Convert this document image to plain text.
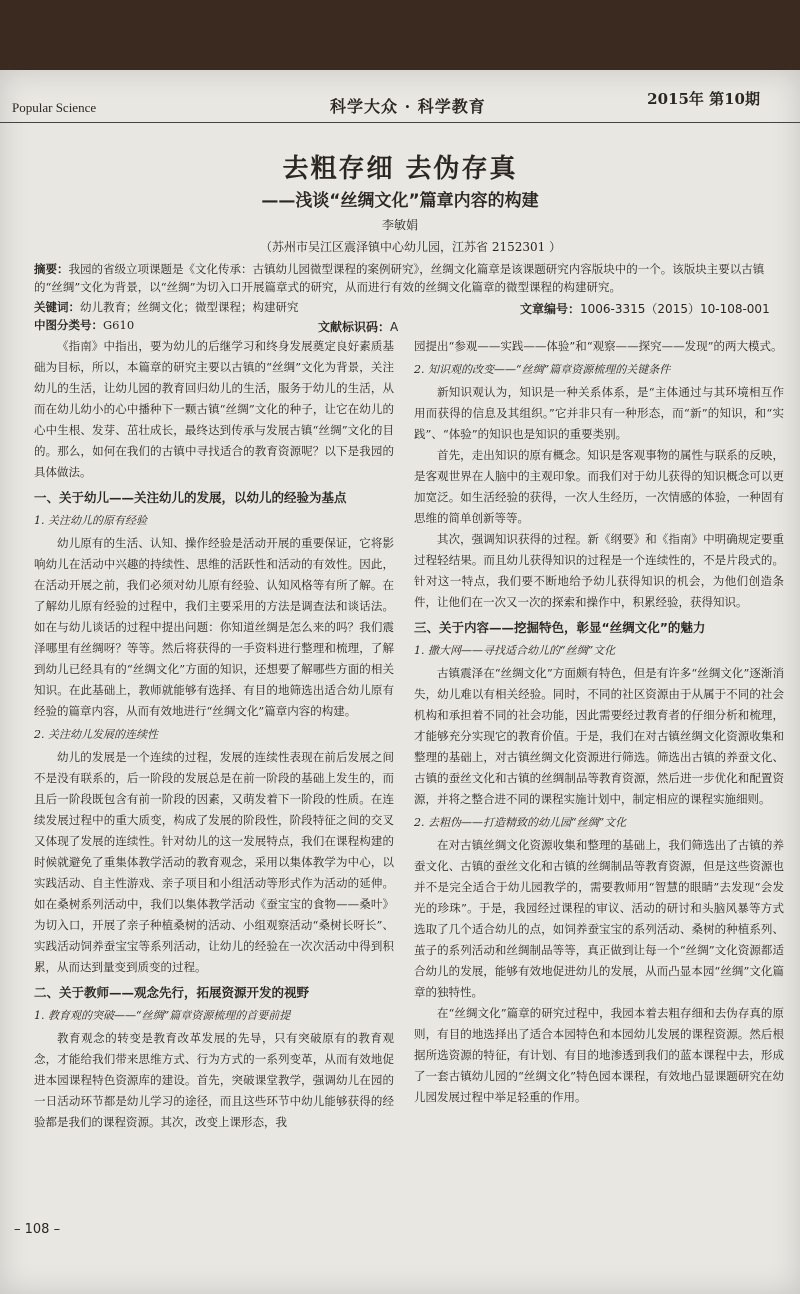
Popular Science	科学大众 · 科学教育	2015年 第10期
去粗存细 去伪存真
——浅谈“丝绸文化”篇章内容的构建
李敏娟
（苏州市吴江区震泽镇中心幼儿园，江苏省 2152301 ）
摘要：我园的省级立项课题是《文化传承：古镇幼儿园微型课程的案例研究》，丝绸文化篇章是该课题研究内容版块中的一个。该版块主要以古镇的“丝绸”文化为背景，以“丝绸”为切入口开展篇章式的研究，从而进行有效的丝绸文化篇章的微型课程的构建研究。
关键词：幼儿教育；丝绸文化；微型课程；构建研究
中图分类号：G610	文献标识码：A
文章编号：1006-3315（2015）10-108-001

《指南》中指出，要为幼儿的后继学习和终身发展奠定良好素质基础为目标，所以，本篇章的研究主要以古镇的“丝绸”文化为背景，关注幼儿的生活，让幼儿园的教育回归幼儿的生活，服务于幼儿的生活，从而在幼儿幼小的心中播种下一颗古镇“丝绸”文化的种子，让它在幼儿的心中生根、发芽、茁壮成长，最终达到传承与发展古镇“丝绸”文化的目的。那么，如何在我们的古镇中寻找适合的教育资源呢？以下是我园的具体做法。

一、关于幼儿——关注幼儿的发展，以幼儿的经验为基点
1. 关注幼儿的原有经验

幼儿原有的生活、认知、操作经验是活动开展的重要保证，它将影响幼儿在活动中兴趣的持续性、思维的活跃性和活动的有效性。因此，在活动开展之前，我们必须对幼儿原有经验、认知风格等有所了解。在了解幼儿原有经验的过程中，我们主要采用的方法是调查法和谈话法。如在与幼儿谈话的过程中提出问题：你知道丝绸是怎么来的吗？我们震泽哪里有丝绸呀？等等。然后将获得的一手资料进行整理和梳理，了解到幼儿已经具有的“丝绸文化”方面的知识，还想要了解哪些方面的相关知识。在此基础上，教师就能够有选择、有目的地筛选出适合幼儿原有经验的篇章内容，从而有效地进行“丝绸文化”篇章内容的构建。

2. 关注幼儿发展的连续性

幼儿的发展是一个连续的过程，发展的连续性表现在前后发展之间不是没有联系的，后一阶段的发展总是在前一阶段的基础上发生的，而且后一阶段既包含有前一阶段的因素，又萌发着下一阶段的性质。在连续发展过程中的重大质变，构成了发展的阶段性，阶段特征之间的交叉又体现了发展的连续性。针对幼儿的这一发展特点，我们在课程构建的时候就避免了重集体教学活动的教育观念，采用以集体教学为中心，以实践活动、自主性游戏、亲子项目和小组活动等形式作为活动的延伸。如在桑树系列活动中，我们以集体教学活动《蚕宝宝的食物——桑叶》为切入口，开展了亲子种植桑树的活动、小组观察活动“桑树长呀长”、实践活动饲养蚕宝宝等系列活动，让幼儿的经验在一次次活动中得到积累，从而达到量变到质变的过程。

二、关于教师——观念先行，拓展资源开发的视野
1. 教育观的突破——“丝绸”篇章资源梳理的首要前提

教育观念的转变是教育改革发展的先导，只有突破原有的教育观念，才能给我们带来思维方式、行为方式的一系列变革，从而有效地促进本园课程特色资源库的建设。首先，突破课堂教学，强调幼儿在园的一日活动环节都是幼儿学习的途径，而且这些环节中幼儿能够获得的经验都是我们的课程资源。其次，改变上课形态，我

园提出“参观——实践——体验”和“观察——探究——发现”的两大模式。

2. 知识观的改变——“丝绸”篇章资源梳理的关键条件

新知识观认为，知识是一种关系体系，是“主体通过与其环境相互作用而获得的信息及其组织。”它并非只有一种形态，而“新”的知识，和“实践”、“体验”的知识也是知识的重要类别。

首先，走出知识的原有概念。知识是客观事物的属性与联系的反映，是客观世界在人脑中的主观印象。而我们对于幼儿获得的知识概念可以更加宽泛。如生活经验的获得，一次人生经历，一次情感的体验，一种固有思维的简单创新等等。

其次，强调知识获得的过程。新《纲要》和《指南》中明确规定要重过程轻结果。而且幼儿获得知识的过程是一个连续性的，不是片段式的。针对这一特点，我们要不断地给予幼儿获得知识的机会，为他们创造条件，让他们在一次又一次的探索和操作中，积累经验，获得知识。

三、关于内容——挖掘特色，彰显“丝绸文化”的魅力
1. 撒大网——寻找适合幼儿的“丝绸”文化

古镇震泽在“丝绸文化”方面颇有特色，但是有许多“丝绸文化”逐渐消失，幼儿难以有相关经验。同时，不同的社区资源由于从属于不同的社会机构和承担着不同的社会功能，因此需要经过教育者的仔细分析和梳理，才能够充分实现它的教育价值。于是，我们在对古镇丝绸文化资源收集和整理的基础上，对古镇丝绸文化资源进行筛选。筛选出古镇的养蚕文化、古镇的蚕丝文化和古镇的丝绸制品等教育资源，然后进一步优化和配置资源，并将之整合进不同的课程实施计划中，制定相应的课程实施细则。

2. 去粗伪——打造精致的幼儿园“丝绸”文化

在对古镇丝绸文化资源收集和整理的基础上，我们筛选出了古镇的养蚕文化、古镇的蚕丝文化和古镇的丝绸制品等教育资源，但是这些资源也并不是完全适合于幼儿园教学的，需要教师用“智慧的眼睛”去发现“会发光的珍珠”。于是，我园经过课程的审议、活动的研讨和头脑风暴等方式选取了几个适合幼儿的点，如饲养蚕宝宝的系列活动、桑树的种植系列、茧子的系列活动和丝绸制品等等，真正做到让每一个“丝绸”文化资源都适合幼儿的发展，能够有效地促进幼儿的发展，从而凸显本园“丝绸”文化篇章的独特性。

在“丝绸文化”篇章的研究过程中，我园本着去粗存细和去伪存真的原则，有目的地选择出了适合本园特色和本园幼儿发展的课程资源。然后根据所选资源的特征，有计划、有目的地渗透到我们的蓝本课程中去，形成了一套古镇幼儿园的“丝绸文化”特色园本课程，有效地凸显课题研究在幼儿园发展过程中举足轻重的作用。

– 108 –
